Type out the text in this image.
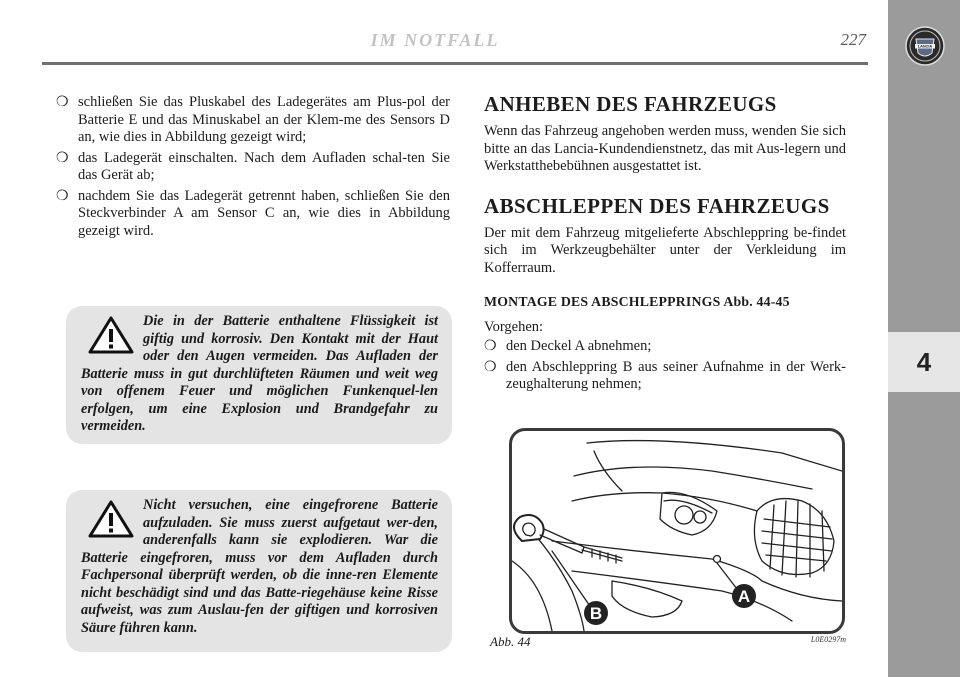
IM NOTFALL	227	LANCIA
4
❍ schließen Sie das Pluskabel des Ladegerätes am Plus-pol der Batterie E und das Minuskabel an der Klem-me des Sensors D an, wie dies in Abbildung gezeigt wird;
❍ das Ladegerät einschalten. Nach dem Aufladen schal-ten Sie das Gerät ab;
❍ nachdem Sie das Ladegerät getrennt haben, schließen Sie den Steckverbinder A am Sensor C an, wie dies in Abbildung gezeigt wird.
Die in der Batterie enthaltene Flüssigkeit ist giftig und korrosiv. Den Kontakt mit der Haut oder den Augen vermeiden. Das Aufladen der Batterie muss in gut durchlüfteten Räumen und weit weg von offenem Feuer und möglichen Funkenquel-len erfolgen, um eine Explosion und Brandgefahr zu vermeiden.
Nicht versuchen, eine eingefrorene Batterie aufzuladen. Sie muss zuerst aufgetaut wer-den, anderenfalls kann sie explodieren. War die Batterie eingefroren, muss vor dem Aufladen durch Fachpersonal überprüft werden, ob die inne-ren Elemente nicht beschädigt sind und das Batte-riegehäuse keine Risse aufweist, was zum Auslau-fen der giftigen und korrosiven Säure führen kann.
ANHEBEN DES FAHRZEUGS

Wenn das Fahrzeug angehoben werden muss, wenden Sie sich bitte an das Lancia-Kundendienstnetz, das mit Aus-legern und Werkstatthebebühnen ausgestattet ist.

ABSCHLEPPEN DES FAHRZEUGS

Der mit dem Fahrzeug mitgelieferte Abschleppring be-findet sich im Werkzeugbehälter unter der Verkleidung im Kofferraum.

MONTAGE DES ABSCHLEPPRINGS Abb. 44-45

Vorgehen:

❍ den Deckel A abnehmen;
❍ den Abschleppring B aus seiner Aufnahme in der Werk-zeughalterung nehmen;
A
B
Abb. 44	L0E0297m
